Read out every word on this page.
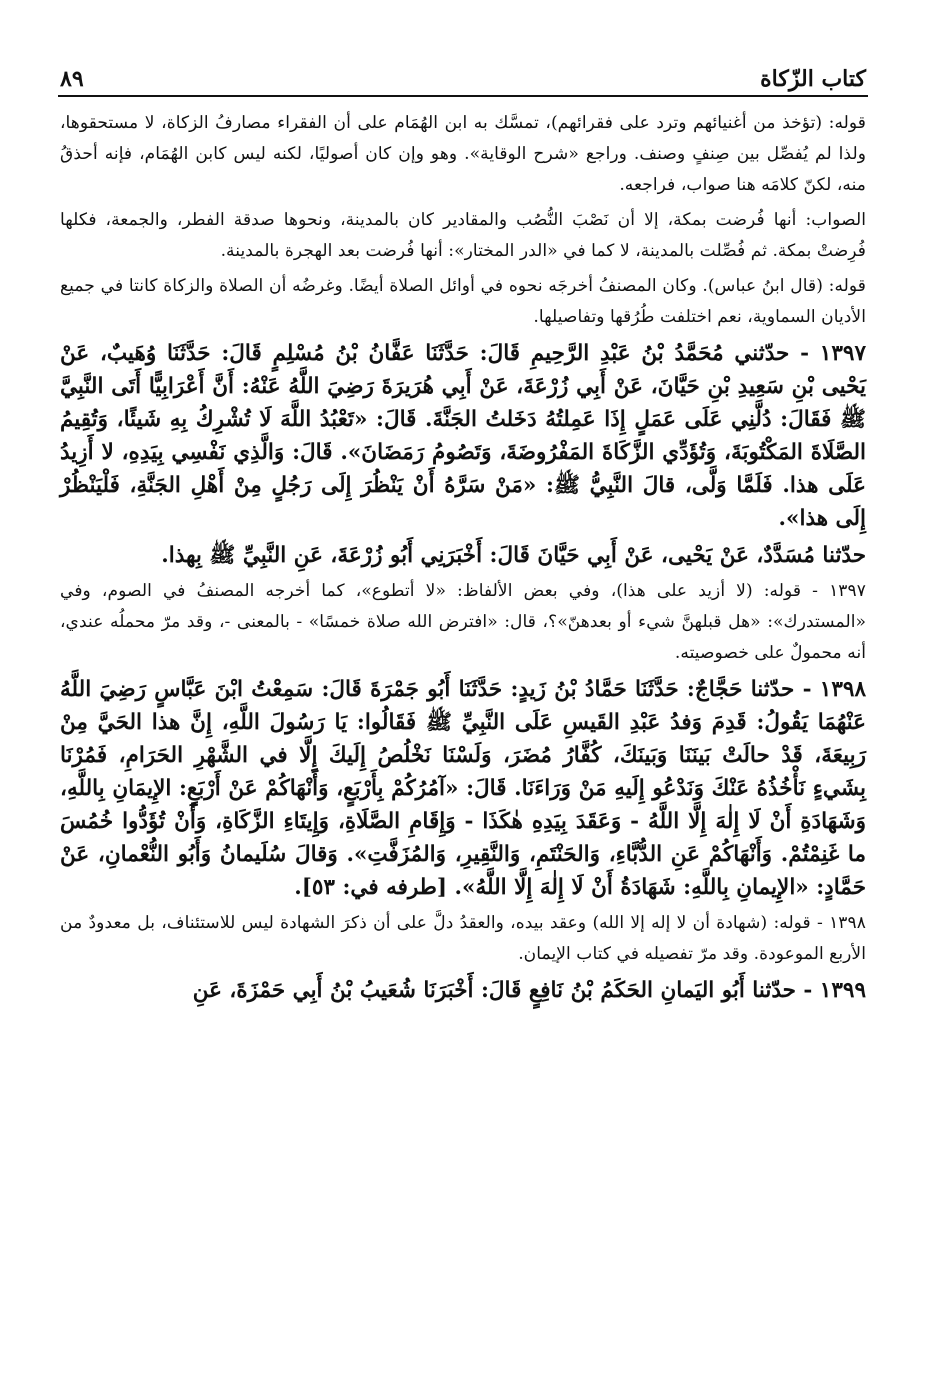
٨٩	كتاب الزّكاة

قوله: (تؤخذ من أغنيائهم وترد على فقرائهم)، تمسَّك به ابن الهُمَام على أن الفقراء مصارفُ الزكاة، لا مستحقوها، ولذا لم يُفصِّل بين صِنفٍ وصنف. وراجع «شرح الوقاية». وهو وإن كان أصوليًا، لكنه ليس كابن الهُمَام، فإنه أحذقُ منه، لكنّ كلامَه هنا صواب، فراجعه.

الصواب: أنها فُرضت بمكة، إلا أن نَصْبَ النُّصُب والمقادير كان بالمدينة، ونحوها صدقة الفطر، والجمعة، فكلها فُرِضتْ بمكة. ثم فُصِّلت بالمدينة، لا كما في «الدر المختار»: أنها فُرضت بعد الهجرة بالمدينة.

قوله: (قال ابنُ عباس). وكان المصنفُ أخرجَه نحوه في أوائل الصلاة أيضًا. وغرضُه أن الصلاة والزكاة كانتا في جميع الأديان السماوية، نعم اختلفت طُرُقها وتفاصيلها.

١٣٩٧ - حدّثني مُحَمَّدُ بْنُ عَبْدِ الرَّحِيمِ قَالَ: حَدَّثَنَا عَفَّانُ بْنُ مُسْلِمٍ قَالَ: حَدَّثَنَا وُهَيبٌ، عَنْ يَحْيى بْنِ سَعِيدِ بْنِ حَيَّانَ، عَنْ أَبِي زُرْعَةَ، عَنْ أَبِي هُرَيرَةَ رَضِيَ اللَّهُ عَنْهُ: أَنَّ أَعْرَابِيًّا أَتَى النَّبِيَّ ﷺ فَقَالَ: دُلَّنِي عَلَى عَمَلٍ إِذَا عَمِلتُهُ دَخَلتُ الجَنَّةَ. قَالَ: «تَعْبُدُ اللَّهَ لَا تُشْرِكُ بِهِ شَيئًا، وَتُقِيمُ الصَّلَاةَ المَكْتُوبَةَ، وَتُؤَدِّي الزَّكَاةَ المَفْرُوضَةَ، وَتَصُومُ رَمَضَانَ». قَالَ: وَالَّذِي نَفْسِي بِيَدِهِ، لا أَزِيدُ عَلَى هذا. فَلَمَّا وَلَّى، قالَ النَّبِيُّ ﷺ: «مَنْ سَرَّهُ أَنْ يَنْظُرَ إِلَى رَجُلٍ مِنْ أَهْلِ الجَنَّةِ، فَلْيَنْظُرْ إِلَى هذا».

حدّثنا مُسَدَّدٌ، عَنْ يَحْيى، عَنْ أَبِي حَيَّانَ قَالَ: أَخْبَرَنِي أَبُو زُرْعَةَ، عَنِ النَّبِيِّ ﷺ بِهذا.

١٣٩٧ - قوله: (لا أزيد على هذا)، وفي بعض الألفاظ: «لا أتطوع»، كما أخرجه المصنفُ في الصوم، وفي «المستدرك»: «هل قبلهنَّ شيء أو بعدهنّ»؟، قال: «افترض الله صلاة خمسًا» - بالمعنى -، وقد مرّ محملُه عندي، أنه محمولٌ على خصوصيته.

١٣٩٨ - حدّثنا حَجَّاجٌ: حَدَّثَنَا حَمَّادُ بْنُ زَيدٍ: حَدَّثَنَا أَبُو جَمْرَةَ قَالَ: سَمِعْتُ ابْنَ عَبَّاسٍ رَضِيَ اللَّهُ عَنْهُمَا يَقُولُ: قَدِمَ وَفدُ عَبْدِ القَيسِ عَلَى النَّبِيِّ ﷺ فَقَالُوا: يَا رَسُولَ اللَّهِ، إِنَّ هذا الحَيَّ مِنْ رَبِيعَةَ، قَدْ حالَتْ بَينَنَا وَبَينَكَ، كُفَّارُ مُضَرَ، وَلَسْنَا نَخْلُصُ إِلَيكَ إِلَّا في الشَّهْرِ الحَرَامِ، فَمُرْنَا بِشَيءٍ نَأْخُذُهُ عَنْكَ وَنَدْعُو إِلَيهِ مَنْ وَرَاءَنَا. قَالَ: «آمُرُكُمْ بِأَرْبَعٍ، وَأَنْهَاكُمْ عَنْ أَرْبَعٍ: الإِيمَانِ بِاللَّهِ، وَشَهَادَةِ أَنْ لَا إِلٰهَ إِلَّا اللَّهُ - وَعَقَدَ بِيَدِهِ هٰكَذَا - وَإِقَامِ الصَّلَاةِ، وَإِيتَاءِ الزَّكَاةِ، وَأَنْ تُؤَدُّوا خُمُسَ ما غَنِمْتُمْ. وَأَنْهَاكُمْ عَنِ الدُّبَّاءِ، وَالحَنْتَمِ، وَالنَّقِيرِ، وَالمُزَفَّتِ». وَقالَ سُلَيمانُ وَأَبُو النُّعْمانِ، عَنْ حَمَّادٍ: «الإِيمانِ بِاللَّهِ: شَهَادَةُ أَنْ لَا إِلٰهَ إِلَّا اللَّهُ». [طرفه في: ٥٣].

١٣٩٨ - قوله: (شهادة أن لا إله إلا الله) وعقد بيده، والعقدُ دلَّ على أن ذكرَ الشهادة ليس للاستئناف، بل معدودٌ من الأربع الموعودة. وقد مرّ تفصيله في كتاب الإيمان.

١٣٩٩ - حدّثنا أَبُو اليَمانِ الحَكَمُ بْنُ نَافِعٍ قَالَ: أَخْبَرَنَا شُعَيبُ بْنُ أَبِي حَمْزَةَ، عَنِ
